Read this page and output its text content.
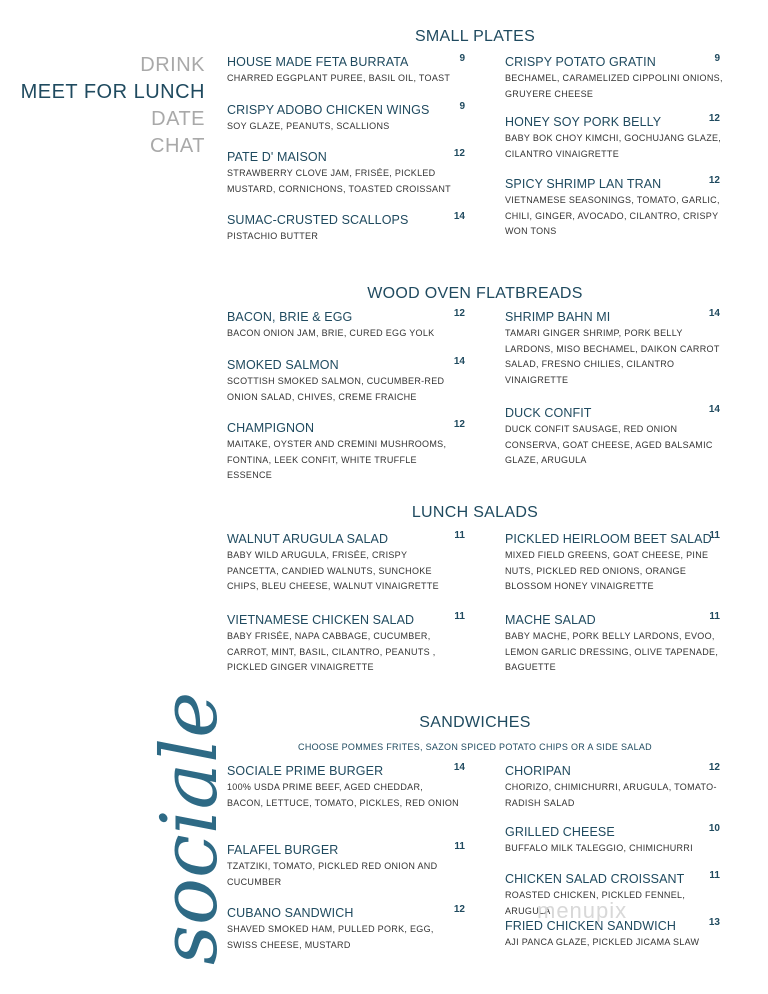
DRINK
MEET FOR LUNCH
DATE
CHAT
sociale
SMALL PLATES
WOOD OVEN FLATBREADS
LUNCH SALADS
SANDWICHES
CHOOSE POMMES FRITES, SAZON SPICED POTATO CHIPS OR A SIDE SALAD
HOUSE MADE FETA BURRATA	9
CHARRED EGGPLANT PUREE, BASIL OIL, TOAST
CRISPY ADOBO CHICKEN WINGS	9
SOY GLAZE, PEANUTS, SCALLIONS
PATE D' MAISON	12
STRAWBERRY CLOVE JAM, FRISÉE, PICKLED MUSTARD, CORNICHONS, TOASTED CROISSANT
SUMAC-CRUSTED SCALLOPS	14
PISTACHIO BUTTER
CRISPY POTATO GRATIN	9
BECHAMEL, CARAMELIZED CIPPOLINI ONIONS, GRUYERE CHEESE
HONEY SOY PORK BELLY	12
BABY BOK CHOY KIMCHI, GOCHUJANG GLAZE, CILANTRO VINAIGRETTE
SPICY SHRIMP LAN TRAN	12
VIETNAMESE SEASONINGS, TOMATO, GARLIC, CHILI, GINGER, AVOCADO, CILANTRO, CRISPY WON TONS
BACON, BRIE & EGG	12
BACON ONION JAM, BRIE, CURED EGG YOLK
SMOKED SALMON	14
SCOTTISH SMOKED SALMON, CUCUMBER-RED ONION SALAD, CHIVES, CREME FRAICHE
CHAMPIGNON	12
MAITAKE, OYSTER AND CREMINI MUSHROOMS, FONTINA, LEEK CONFIT, WHITE TRUFFLE ESSENCE
SHRIMP BAHN MI	14
TAMARI GINGER SHRIMP, PORK BELLY LARDONS, MISO BECHAMEL, DAIKON CARROT SALAD, FRESNO CHILIES, CILANTRO VINAIGRETTE
DUCK CONFIT	14
DUCK CONFIT SAUSAGE, RED ONION CONSERVA, GOAT CHEESE, AGED BALSAMIC GLAZE, ARUGULA
WALNUT ARUGULA SALAD	11
BABY WILD ARUGULA, FRISÉE, CRISPY PANCETTA, CANDIED WALNUTS, SUNCHOKE CHIPS, BLEU CHEESE, WALNUT VINAIGRETTE
VIETNAMESE CHICKEN SALAD	11
BABY FRISÉE, NAPA CABBAGE, CUCUMBER, CARROT, MINT, BASIL, CILANTRO, PEANUTS , PICKLED GINGER VINAIGRETTE
PICKLED HEIRLOOM BEET SALAD
11
MIXED FIELD GREENS, GOAT CHEESE, PINE NUTS, PICKLED RED ONIONS, ORANGE BLOSSOM HONEY VINAIGRETTE
MACHE SALAD	11
BABY MACHE, PORK BELLY LARDONS, EVOO, LEMON GARLIC DRESSING, OLIVE TAPENADE, BAGUETTE
SOCIALE PRIME BURGER	14
100% USDA PRIME BEEF, AGED CHEDDAR, BACON, LETTUCE, TOMATO, PICKLES, RED ONION
FALAFEL BURGER	11
TZATZIKI, TOMATO, PICKLED RED ONION AND CUCUMBER
CUBANO SANDWICH	12
SHAVED SMOKED HAM, PULLED PORK, EGG, SWISS CHEESE, MUSTARD
CHORIPAN	12
CHORIZO, CHIMICHURRI, ARUGULA, TOMATO-RADISH SALAD
GRILLED CHEESE	10
BUFFALO MILK TALEGGIO, CHIMICHURRI
CHICKEN SALAD CROISSANT	11
ROASTED CHICKEN, PICKLED FENNEL, ARUGULA
FRIED CHICKEN SANDWICH	13
AJI PANCA GLAZE, PICKLED JICAMA SLAW
menupix
